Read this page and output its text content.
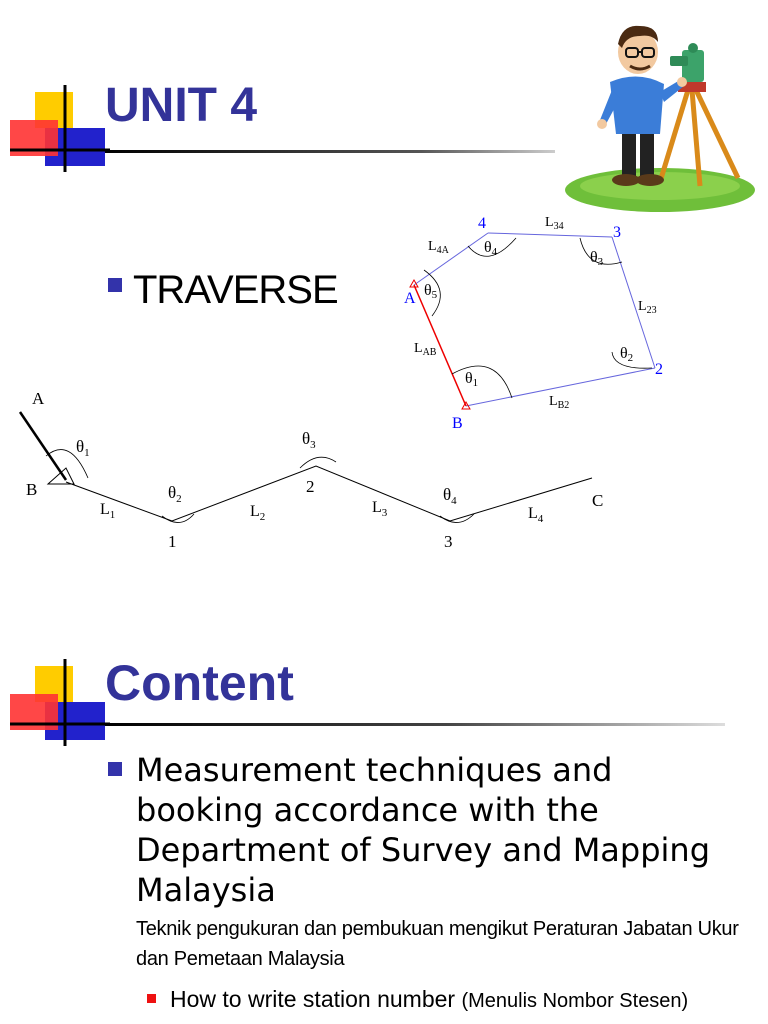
UNIT 4
TRAVERSE
4
3
A
2
B
$L_{4A}$
$L_{34}$
$L_{23}$
$L_{AB}$
$L_{B2}$
θ4	θ3
θ5
θ2
θ1
A
B
1
2
3
C
$L_1$	$L_2$
$L_3$	$L_4$
$\theta_1$
$\theta_2$
$\theta_3$
$\theta_4$
Content
Measurement techniques and booking accordance with the Department of Survey and Mapping Malaysia
Teknik pengukuran dan pembukuan mengikut Peraturan Jabatan Ukur dan Pemetaan Malaysia
How to write station number (Menulis Nombor Stesen)
